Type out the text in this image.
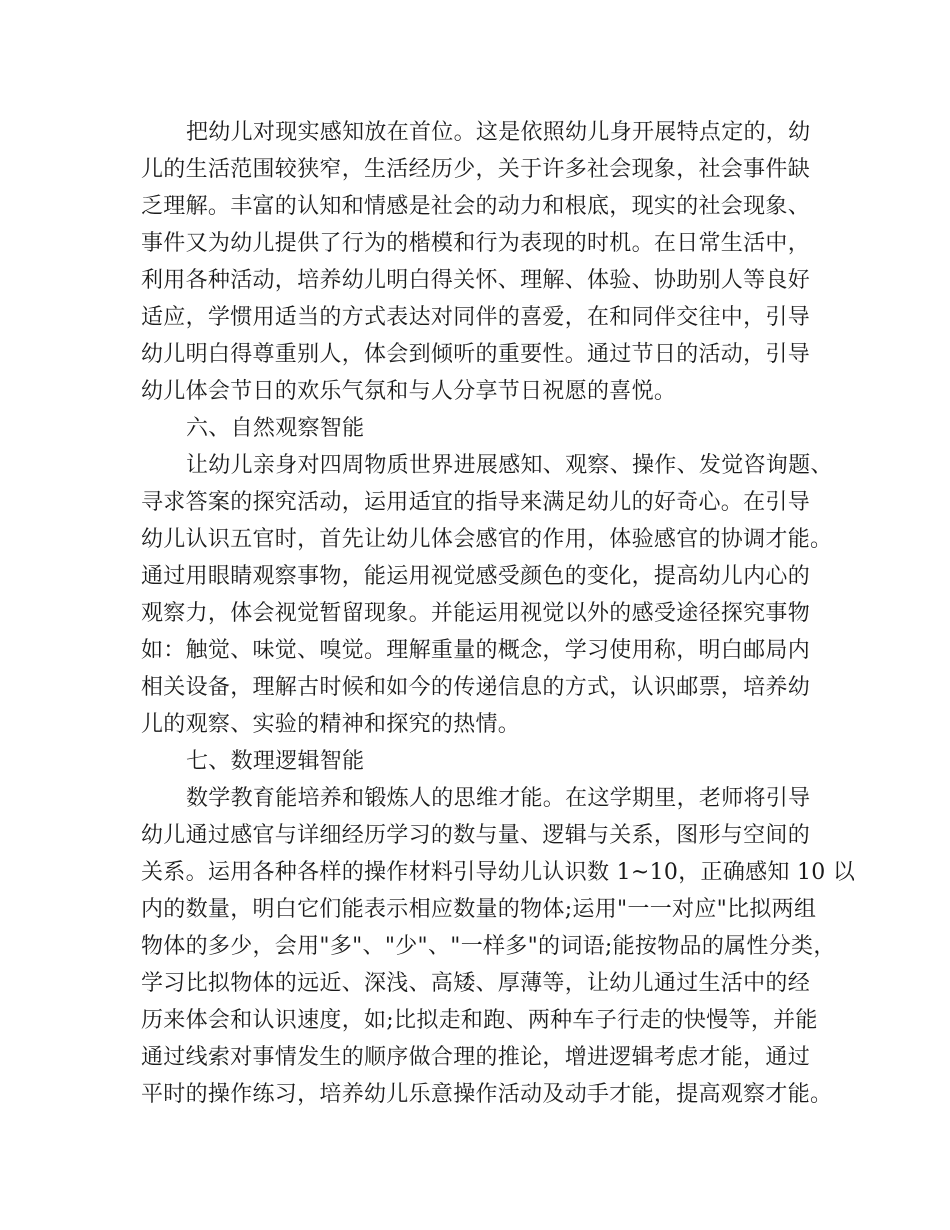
把幼儿对现实感知放在首位。这是依照幼儿身开展特点定的，幼
儿的生活范围较狭窄，生活经历少，关于许多社会现象，社会事件缺
乏理解。丰富的认知和情感是社会的动力和根底，现实的社会现象、
事件又为幼儿提供了行为的楷模和行为表现的时机。在日常生活中，
利用各种活动，培养幼儿明白得关怀、理解、体验、协助别人等良好
适应，学惯用适当的方式表达对同伴的喜爱，在和同伴交往中，引导
幼儿明白得尊重别人，体会到倾听的重要性。通过节日的活动，引导
幼儿体会节日的欢乐气氛和与人分享节日祝愿的喜悦。
六、自然观察智能
让幼儿亲身对四周物质世界进展感知、观察、操作、发觉咨询题、
寻求答案的探究活动，运用适宜的指导来满足幼儿的好奇心。在引导
幼儿认识五官时，首先让幼儿体会感官的作用，体验感官的协调才能。
通过用眼睛观察事物，能运用视觉感受颜色的变化，提高幼儿内心的
观察力，体会视觉暂留现象。并能运用视觉以外的感受途径探究事物
如：触觉、味觉、嗅觉。理解重量的概念，学习使用称，明白邮局内
相关设备，理解古时候和如今的传递信息的方式，认识邮票，培养幼
儿的观察、实验的精神和探究的热情。
七、数理逻辑智能
数学教育能培养和锻炼人的思维才能。在这学期里，老师将引导
幼儿通过感官与详细经历学习的数与量、逻辑与关系，图形与空间的
关系。运用各种各样的操作材料引导幼儿认识数 1~10，正确感知 10 以
内的数量，明白它们能表示相应数量的物体;运用"一一对应"比拟两组
物体的多少，会用"多"、"少"、"一样多"的词语;能按物品的属性分类，
学习比拟物体的远近、深浅、高矮、厚薄等，让幼儿通过生活中的经
历来体会和认识速度，如;比拟走和跑、两种车子行走的快慢等，并能
通过线索对事情发生的顺序做合理的推论，增进逻辑考虑才能，通过
平时的操作练习，培养幼儿乐意操作活动及动手才能，提高观察才能。
